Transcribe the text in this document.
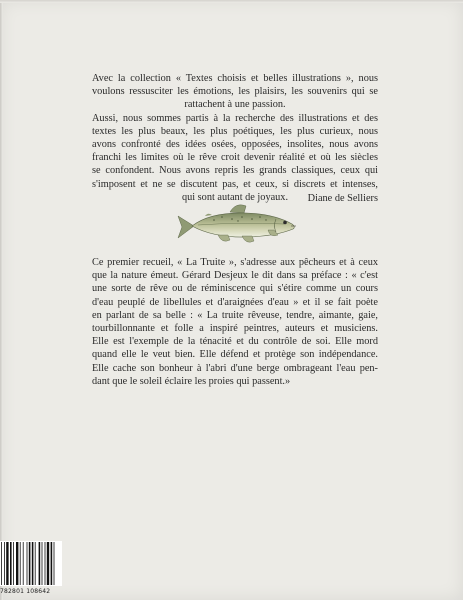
Avec la collection « Textes choisis et belles illustrations », nous
voulons ressusciter les émotions, les plaisirs, les souvenirs qui se
rattachent à une passion.
Aussi, nous sommes partis à la recherche des illustrations et des
textes les plus beaux, les plus poétiques, les plus curieux, nous
avons confronté des idées osées, opposées, insolites, nous avons
franchi les limites où le rêve croit devenir réalité et où les siècles
se confondent. Nous avons repris les grands classiques, ceux qui
s'imposent et ne se discutent pas, et ceux, si discrets et intenses,
qui sont autant de joyaux.	Diane de Selliers

Ce premier recueil, « La Truite », s'adresse aux pêcheurs et à ceux
que la nature émeut. Gérard Desjeux le dit dans sa préface : « c'est
une sorte de rêve ou de réminiscence qui s'étire comme un cours
d'eau peuplé de libellules et d'araignées d'eau » et il se fait poète
en parlant de sa belle : « La truite rêveuse, tendre, aimante, gaie,
tourbillonnante et folle a inspiré peintres, auteurs et musiciens.
Elle est l'exemple de la ténacité et du contrôle de soi. Elle mord
quand elle le veut bien. Elle défend et protège son indépendance.
Elle cache son bonheur à l'abri d'une berge ombrageant l'eau pen-
dant que le soleil éclaire les proies qui passent.»
782801 108642
